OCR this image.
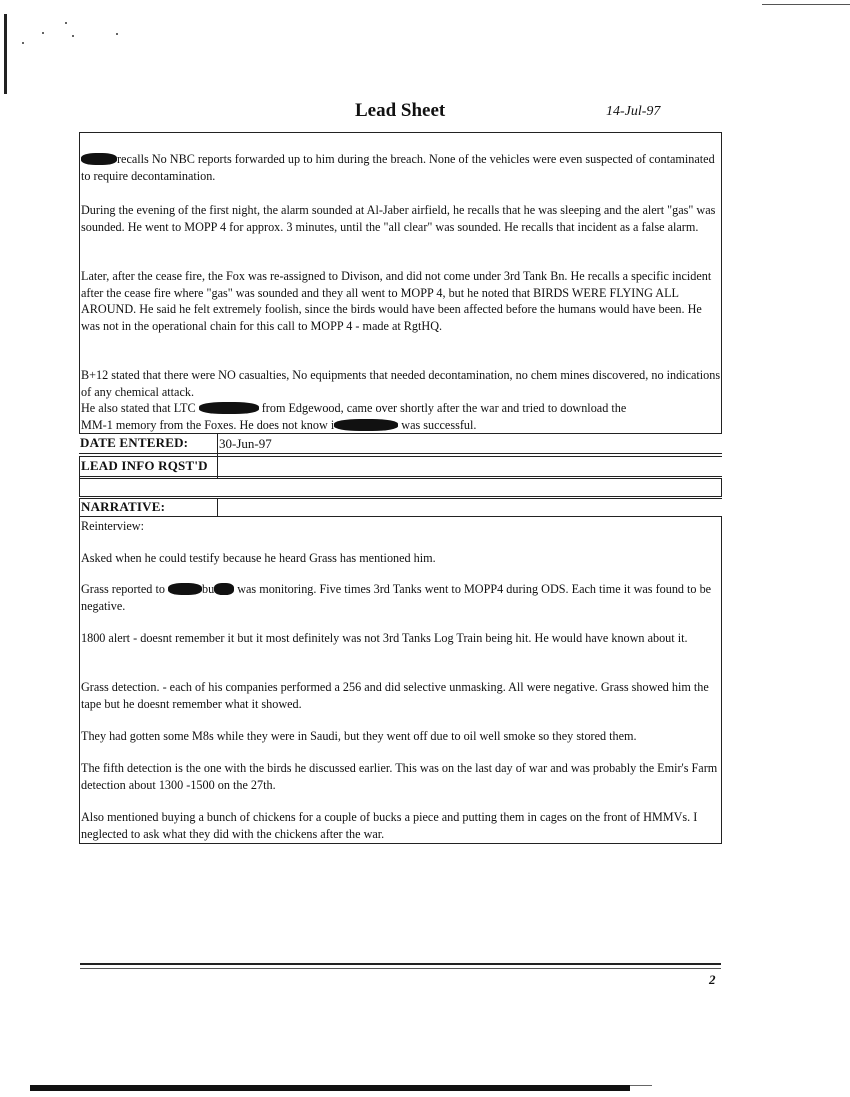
Lead Sheet	14-Jul-97

recalls No NBC reports forwarded up to him during the breach. None of the vehicles were even suspected of contaminated to require decontamination.

During the evening of the first night, the alarm sounded at Al-Jaber airfield, he recalls that he was sleeping and the alert "gas" was sounded. He went to MOPP 4 for approx. 3 minutes, until the "all clear" was sounded. He recalls that incident as a false alarm.

Later, after the cease fire, the Fox was re-assigned to Divison, and did not come under 3rd Tank Bn. He recalls a specific incident after the cease fire where "gas" was sounded and they all went to MOPP 4, but he noted that BIRDS WERE FLYING ALL AROUND. He said he felt extremely foolish, since the birds would have been affected before the humans would have been. He was not in the operational chain for this call to MOPP 4 - made at RgtHQ.

B+12 stated that there were NO casualties, No equipments that needed decontamination, no chem mines discovered, no indications of any chemical attack.

He also stated that LTC	from Edgewood, came over shortly after the war and tried to download the
MM-1 memory from the Foxes. He does not know i	was successful.

DATE ENTERED: 30-Jun-97
LEAD INFO RQST'D
NARRATIVE:

Reinterview:

Asked when he could testify because he heard Grass has mentioned him.

Grass reported to	bu was monitoring. Five times 3rd Tanks went to MOPP4 during ODS. Each time it was found to be negative.

1800 alert - doesnt remember it but it most definitely was not 3rd Tanks Log Train being hit. He would have known about it.

Grass detection. - each of his companies performed a 256 and did selective unmasking. All were negative. Grass showed him the tape but he doesnt remember what it showed.

They had gotten some M8s while they were in Saudi, but they went off due to oil well smoke so they stored them.

The fifth detection is the one with the birds he discussed earlier. This was on the last day of war and was probably the Emir's Farm detection about 1300 -1500 on the 27th.

Also mentioned buying a bunch of chickens for a couple of bucks a piece and putting them in cages on the front of HMMVs. I neglected to ask what they did with the chickens after the war.

2
